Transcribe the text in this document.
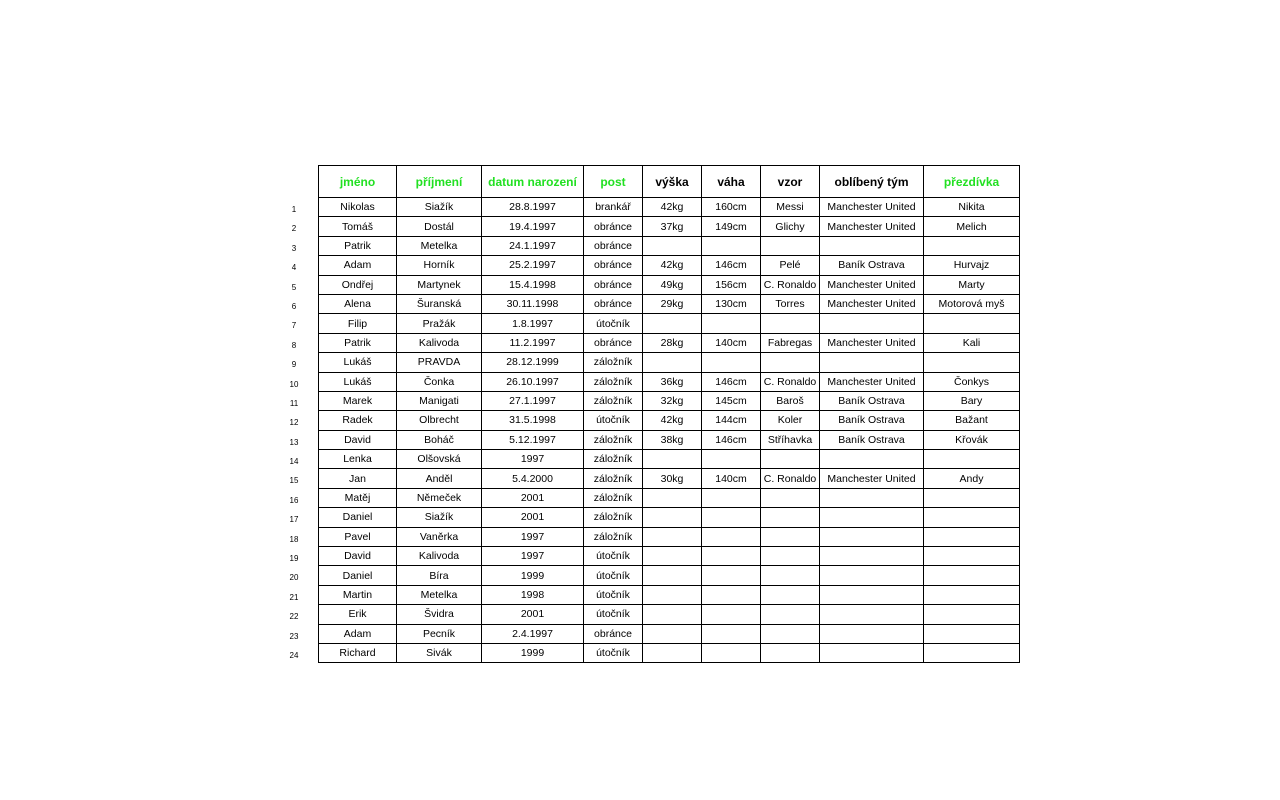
1
2
3
4
5
6
7
8
9
10
11
12
13
14
15
16
17
18
19
20
21
22
23
24
jméno	příjmení	datum narození	post	výška	váha	vzor	oblíbený tým	přezdívka
Nikolas	Siažík	28.8.1997	brankář	42kg	160cm	Messi	Manchester United	Nikita
Tomáš	Dostál	19.4.1997	obránce	37kg	149cm	Glichy	Manchester United	Melich
Patrik	Metelka	24.1.1997	obránce					
Adam	Horník	25.2.1997	obránce	42kg	146cm	Pelé	Baník Ostrava	Hurvajz
Ondřej	Martynek	15.4.1998	obránce	49kg	156cm	C. Ronaldo	Manchester United	Marty
Alena	Šuranská	30.11.1998	obránce	29kg	130cm	Torres	Manchester United	Motorová myš
Filip	Pražák	1.8.1997	útočník					
Patrik	Kalivoda	11.2.1997	obránce	28kg	140cm	Fabregas	Manchester United	Kali
Lukáš	PRAVDA	28.12.1999	záložník					
Lukáš	Čonka	26.10.1997	záložník	36kg	146cm	C. Ronaldo	Manchester United	Čonkys
Marek	Manigati	27.1.1997	záložník	32kg	145cm	Baroš	Baník Ostrava	Bary
Radek	Olbrecht	31.5.1998	útočník	42kg	144cm	Koler	Baník Ostrava	Bažant
David	Boháč	5.12.1997	záložník	38kg	146cm	Stříhavka	Baník Ostrava	Křovák
Lenka	Olšovská	1997	záložník					
Jan	Anděl	5.4.2000	záložník	30kg	140cm	C. Ronaldo	Manchester United	Andy
Matěj	Němeček	2001	záložník					
Daniel	Siažík	2001	záložník					
Pavel	Vaněrka	1997	záložník					
David	Kalivoda	1997	útočník					
Daniel	Bíra	1999	útočník					
Martin	Metelka	1998	útočník					
Erik	Švidra	2001	útočník					
Adam	Pecník	2.4.1997	obránce					
Richard	Sivák	1999	útočník					
